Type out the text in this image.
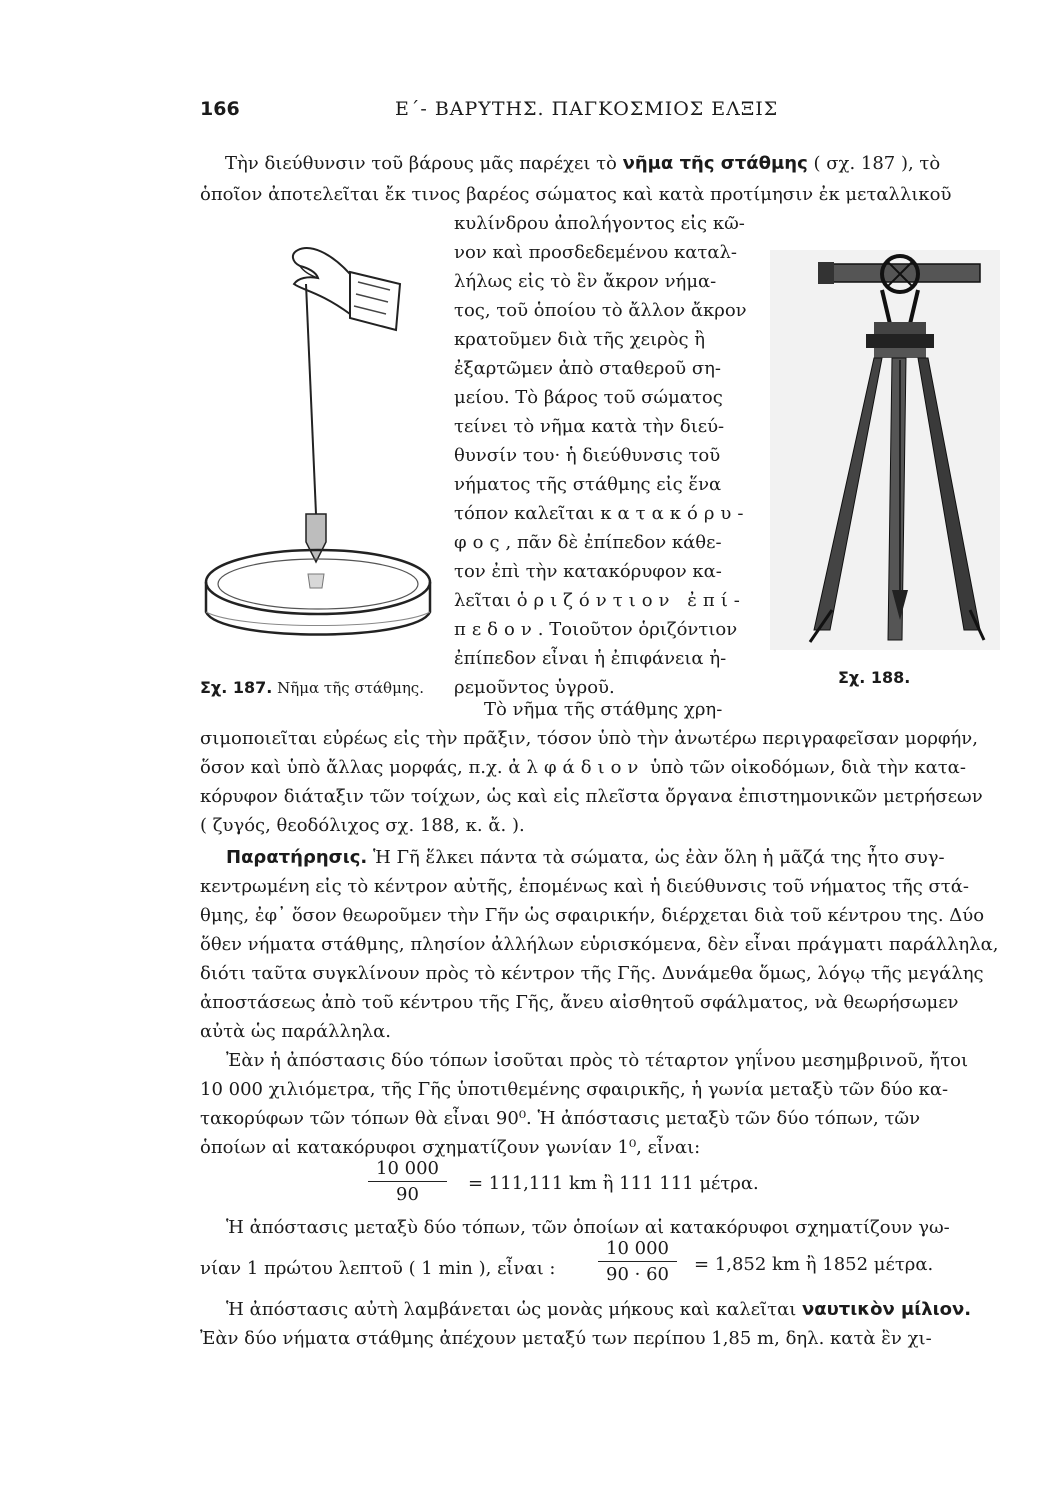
166	Ε΄- ΒΑΡΥΤΗΣ. ΠΑΓΚΟΣΜΙΟΣ ΕΛΞΙΣ
Τὴν διεύθυνσιν τοῦ βάρους μᾶς παρέχει τὸ νῆμα τῆς στάθμης ( σχ. 187 ), τὸ
ὁποῖον ἀποτελεῖται ἔκ τινος βαρέος σώματος καὶ κατὰ προτίμησιν ἐκ μεταλλικοῦ
κυλίνδρου ἀπολήγοντος εἰς κῶ-
νον καὶ προσδεδεμένου καταλ-
λήλως εἰς τὸ ἓν ἄκρον νήμα-
τος, τοῦ ὁποίου τὸ ἄλλον ἄκρον
κρατοῦμεν διὰ τῆς χειρὸς ἢ
ἐξαρτῶμεν ἀπὸ σταθεροῦ ση-
μείου. Τὸ βάρος τοῦ σώματος
τείνει τὸ νῆμα κατὰ τὴν διεύ-
θυνσίν του· ἡ διεύθυνσις τοῦ
νήματος τῆς στάθμης εἰς ἕνα
τόπον καλεῖται κατακόρυ-
φος, πᾶν δὲ ἐπίπεδον κάθε-
τον ἐπὶ τὴν κατακόρυφον κα-
λεῖται ὁριζόντιον ἐπί-
πεδον. Τοιοῦτον ὁριζόντιον
ἐπίπεδον εἶναι ἡ ἐπιφάνεια ἠ-
ρεμοῦντος ὑγροῦ.
Σχ. 187. Νῆμα τῆς στάθμης.
Σχ. 188.
Τὸ νῆμα τῆς στάθμης χρη-
σιμοποιεῖται εὐρέως εἰς τὴν πρᾶξιν, τόσον ὑπὸ τὴν ἀνωτέρω περιγραφεῖσαν μορφήν,
ὅσον καὶ ὑπὸ ἄλλας μορφάς, π.χ. ἀλφάδιον ὑπὸ τῶν οἰκοδόμων, διὰ τὴν κατα-
κόρυφον διάταξιν τῶν τοίχων, ὡς καὶ εἰς πλεῖστα ὄργανα ἐπιστημονικῶν μετρήσεων
( ζυγός, θεοδόλιχος σχ. 188, κ. ἄ. ).
Παρατήρησις. Ἡ Γῆ ἕλκει πάντα τὰ σώματα, ὡς ἐὰν ὅλη ἡ μᾶζά της ἦτο συγ-
κεντρωμένη εἰς τὸ κέντρον αὐτῆς, ἑπομένως καὶ ἡ διεύθυνσις τοῦ νήματος τῆς στά-
θμης, ἐφ᾽ ὅσον θεωροῦμεν τὴν Γῆν ὡς σφαιρικήν, διέρχεται διὰ τοῦ κέντρου της. Δύο
ὅθεν νήματα στάθμης, πλησίον ἀλλήλων εὑρισκόμενα, δὲν εἶναι πράγματι παράλληλα,
διότι ταῦτα συγκλίνουν πρὸς τὸ κέντρον τῆς Γῆς. Δυνάμεθα ὅμως, λόγῳ τῆς μεγάλης
ἀποστάσεως ἀπὸ τοῦ κέντρου τῆς Γῆς, ἄνευ αἰσθητοῦ σφάλματος, νὰ θεωρήσωμεν
αὐτὰ ὡς παράλληλα.
Ἐὰν ἡ ἀπόστασις δύο τόπων ἰσοῦται πρὸς τὸ τέταρτον γηΐνου μεσημβρινοῦ, ἤτοι
10 000 χιλιόμετρα, τῆς Γῆς ὑποτιθεμένης σφαιρικῆς, ἡ γωνία μεταξὺ τῶν δύο κα-
τακορύφων τῶν τόπων θὰ εἶναι 90⁰. Ἡ ἀπόστασις μεταξὺ τῶν δύο τόπων, τῶν
ὁποίων αἱ κατακόρυφοι σχηματίζουν γωνίαν 1⁰, εἶναι:
$\frac{10 000}{90} = 111,111$ km ἢ 111 111 μέτρα.
Ἡ ἀπόστασις μεταξὺ δύο τόπων, τῶν ὁποίων αἱ κατακόρυφοι σχηματίζουν γω-
νίαν 1 πρώτου λεπτοῦ ( 1 min ), εἶναι : $\frac{10 000}{90 \cdot 60} = 1,852$ km ἢ 1852 μέτρα.
Ἡ ἀπόστασις αὐτὴ λαμβάνεται ὡς μονὰς μήκους καὶ καλεῖται ναυτικὸν μίλιον.
Ἐὰν δύο νήματα στάθμης ἀπέχουν μεταξύ των περίπου 1,85 m, δηλ. κατὰ ἓν χι-
